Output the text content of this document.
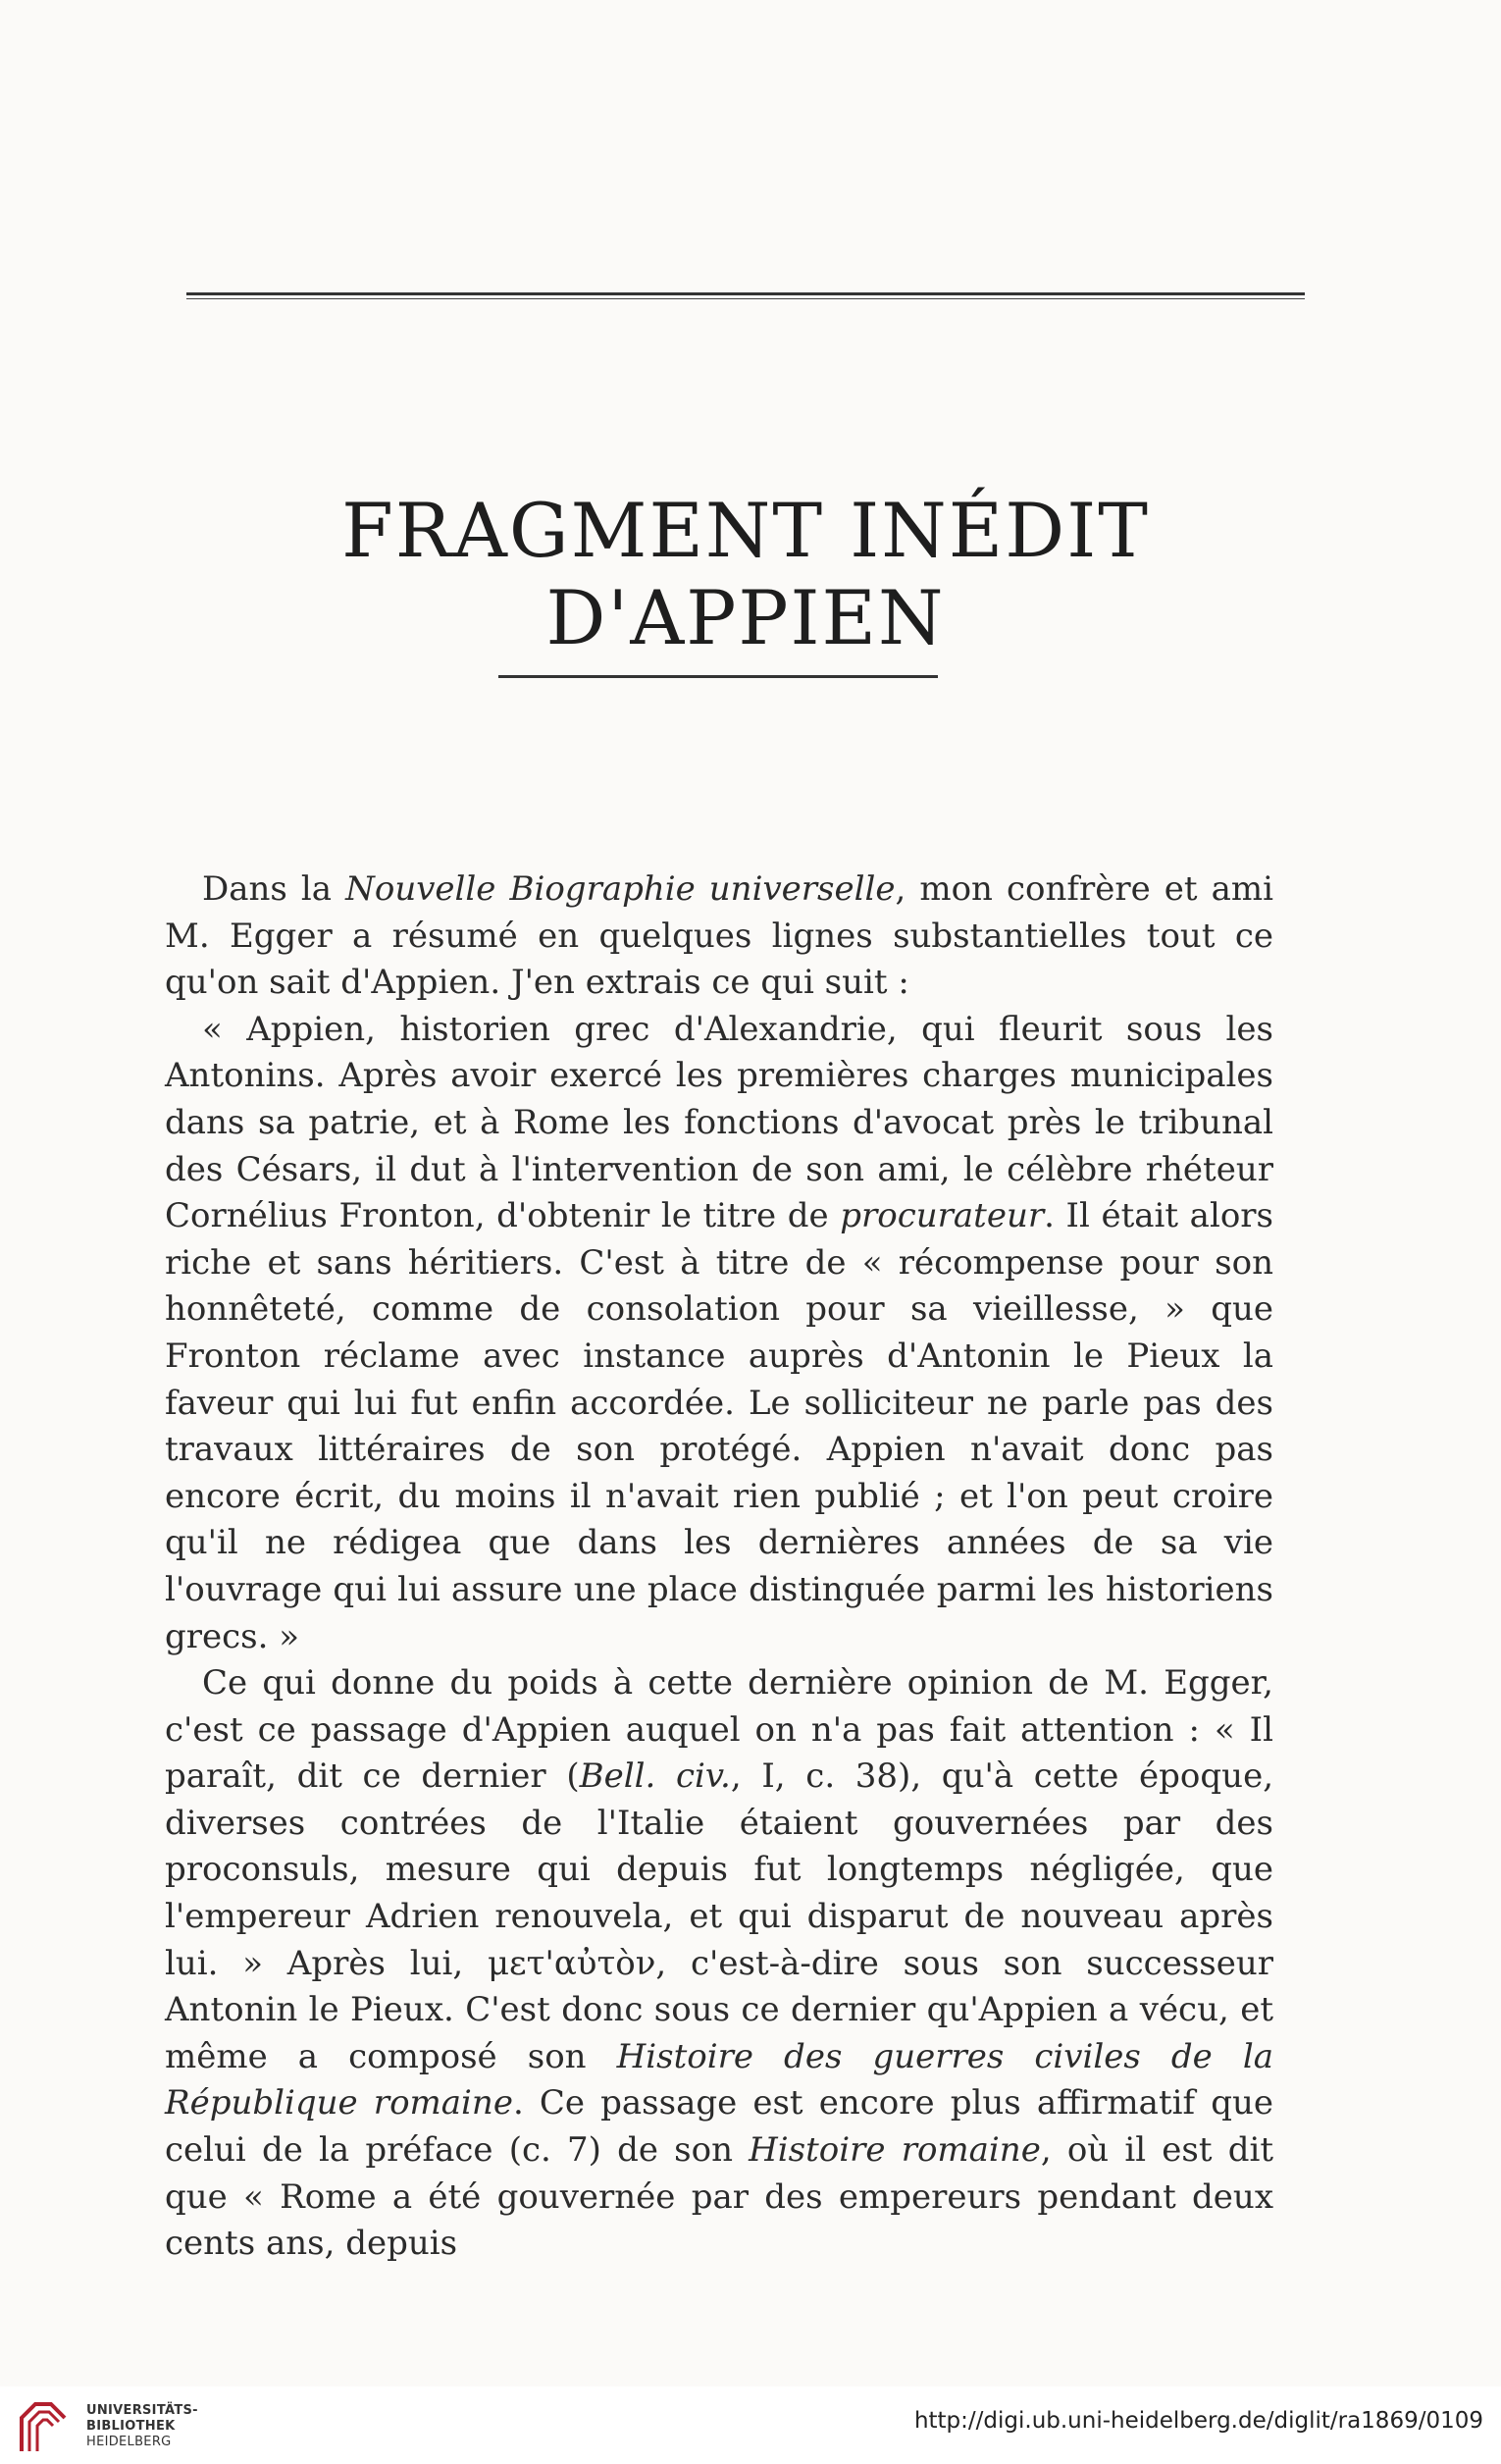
FRAGMENT INÉDIT D'APPIEN

Dans la Nouvelle Biographie universelle, mon confrère et ami M. Egger a résumé en quelques lignes substantielles tout ce qu'on sait d'Appien. J'en extrais ce qui suit :

« Appien, historien grec d'Alexandrie, qui fleurit sous les Antonins. Après avoir exercé les premières charges municipales dans sa patrie, et à Rome les fonctions d'avocat près le tribunal des Césars, il dut à l'intervention de son ami, le célèbre rhéteur Cornélius Fronton, d'obtenir le titre de procurateur. Il était alors riche et sans héritiers. C'est à titre de « récompense pour son honnêteté, comme de consolation pour sa vieillesse, » que Fronton réclame avec instance auprès d'Antonin le Pieux la faveur qui lui fut enfin accordée. Le solliciteur ne parle pas des travaux littéraires de son protégé. Appien n'avait donc pas encore écrit, du moins il n'avait rien publié ; et l'on peut croire qu'il ne rédigea que dans les dernières années de sa vie l'ouvrage qui lui assure une place distinguée parmi les historiens grecs. »

Ce qui donne du poids à cette dernière opinion de M. Egger, c'est ce passage d'Appien auquel on n'a pas fait attention : « Il paraît, dit ce dernier (Bell. civ., I, c. 38), qu'à cette époque, diverses contrées de l'Italie étaient gouvernées par des proconsuls, mesure qui depuis fut longtemps négligée, que l'empereur Adrien renouvela, et qui disparut de nouveau après lui. » Après lui, μετ'αὐτὸν, c'est-à-dire sous son successeur Antonin le Pieux. C'est donc sous ce dernier qu'Appien a vécu, et même a composé son Histoire des guerres civiles de la République romaine. Ce passage est encore plus affirmatif que celui de la préface (c. 7) de son Histoire romaine, où il est dit que « Rome a été gouvernée par des empereurs pendant deux cents ans, depuis

UNIVERSITÄTS-
BIBLIOTHEK
HEIDELBERG
http://digi.ub.uni-heidelberg.de/diglit/ra1869/0109
